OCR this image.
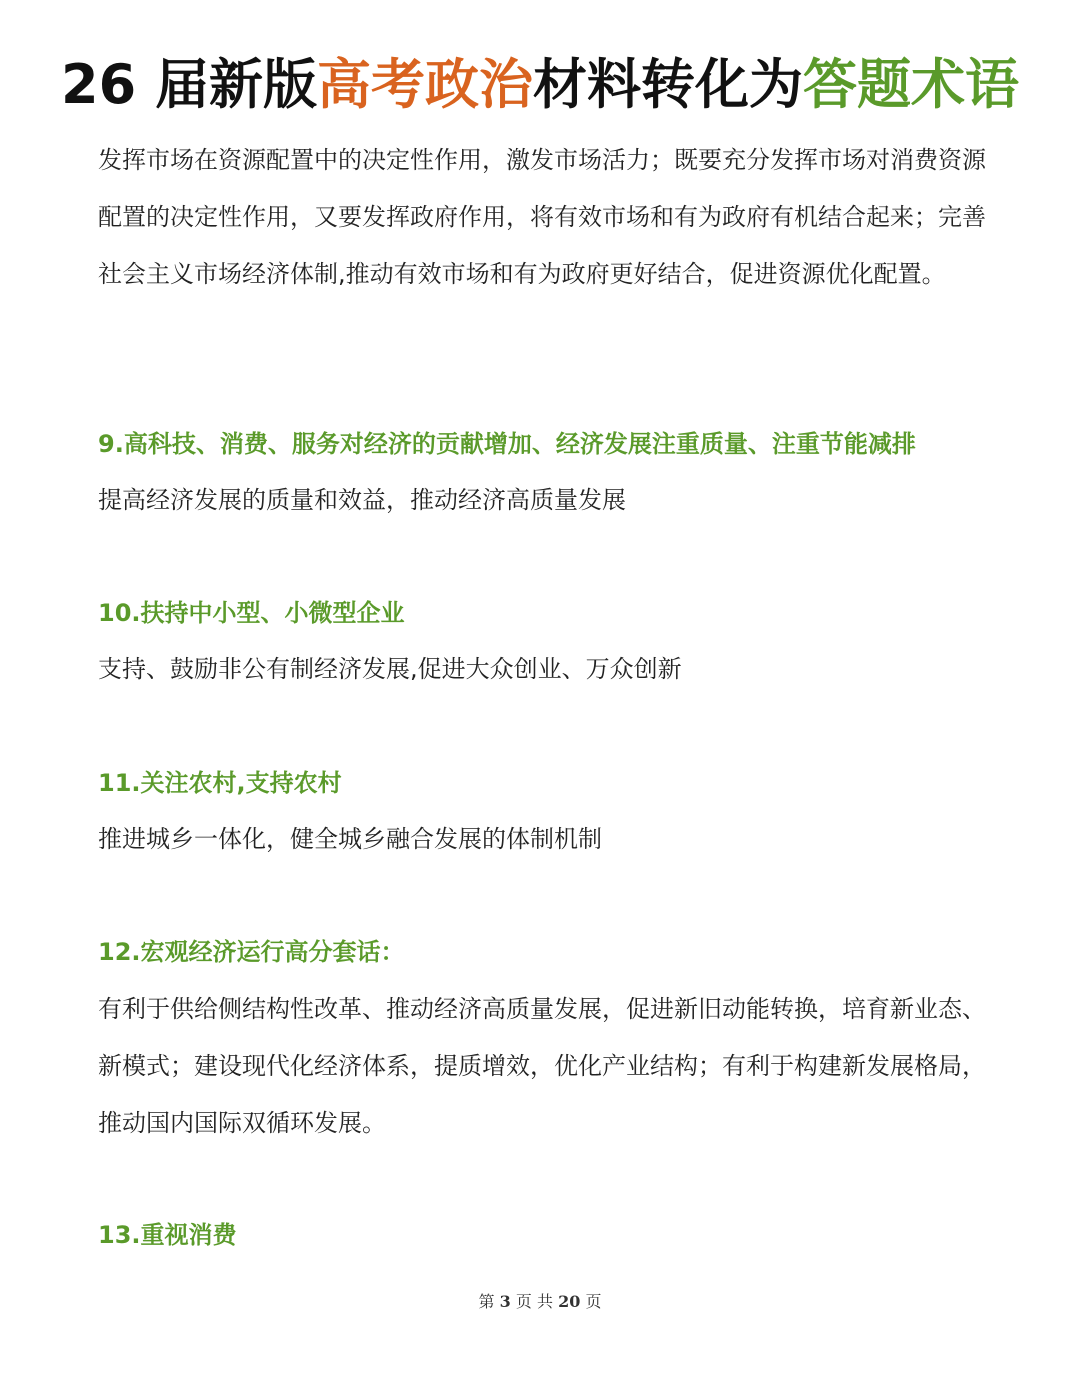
26 届新版高考政治材料转化为答题术语

发挥市场在资源配置中的决定性作用，激发市场活力；既要充分发挥市场对消费资源配置的决定性作用，又要发挥政府作用，将有效市场和有为政府有机结合起来；完善社会主义市场经济体制,推动有效市场和有为政府更好结合，促进资源优化配置。

9.高科技、消费、服务对经济的贡献增加、经济发展注重质量、注重节能减排

提高经济发展的质量和效益，推动经济高质量发展

10.扶持中小型、小微型企业

支持、鼓励非公有制经济发展,促进大众创业、万众创新

11.关注农村,支持农村

推进城乡一体化，健全城乡融合发展的体制机制

12.宏观经济运行高分套话：

有利于供给侧结构性改革、推动经济高质量发展，促进新旧动能转换，培育新业态、新模式；建设现代化经济体系，提质增效，优化产业结构；有利于构建新发展格局，推动国内国际双循环发展。

13.重视消费

第 3 页 共 20 页
